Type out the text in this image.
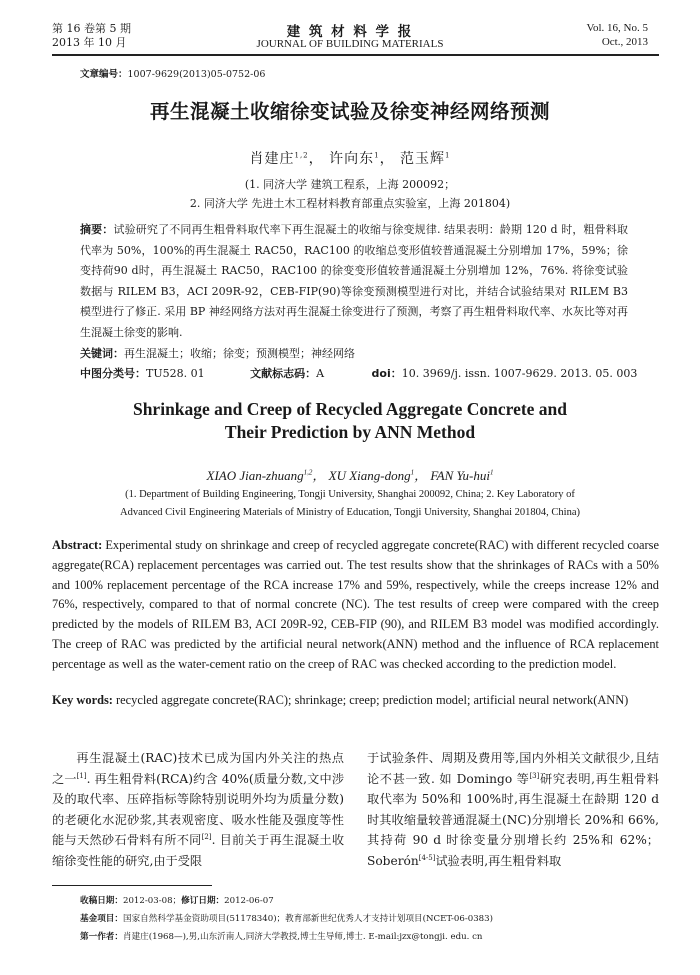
第 16 卷第 5 期
2013 年 10 月
建 筑 材 料 学 报
JOURNAL OF BUILDING MATERIALS
Vol. 16, No. 5
Oct., 2013
文章编号：1007-9629(2013)05-0752-06
再生混凝土收缩徐变试验及徐变神经网络预测
肖建庄$^{1,2}$， 许向东$^1$， 范玉辉$^1$
(1. 同济大学 建筑工程系，上海 200092；
2. 同济大学 先进土木工程材料教育部重点实验室，上海 201804)
摘要：试验研究了不同再生粗骨料取代率下再生混凝土的收缩与徐变规律. 结果表明：龄期 120 d 时，粗骨料取代率为 50%，100%的再生混凝土 RAC50，RAC100 的收缩总变形值较普通混凝土分别增加 17%，59%；徐变持荷90 d时，再生混凝土 RAC50，RAC100 的徐变变形值较普通混凝土分别增加 12%，76%. 将徐变试验数据与 RILEM B3，ACI 209R-92，CEB-FIP(90)等徐变预测模型进行对比，并结合试验结果对 RILEM B3 模型进行了修正. 采用 BP 神经网络方法对再生混凝土徐变进行了预测，考察了再生粗骨料取代率、水灰比等对再生混凝土徐变的影响.
关键词：再生混凝土；收缩；徐变；预测模型；神经网络
中图分类号：TU528. 01	文献标志码：A	doi：10. 3969/j. issn. 1007-9629. 2013. 05. 003
Shrinkage and Creep of Recycled Aggregate Concrete and
Their Prediction by ANN Method
XIAO Jian-zhuang$^{1,2}$， XU Xiang-dong$^1$， FAN Yu-hui$^1$
(1. Department of Building Engineering, Tongji University, Shanghai 200092, China; 2. Key Laboratory of
Advanced Civil Engineering Materials of Ministry of Education, Tongji University, Shanghai 201804, China)
Abstract: Experimental study on shrinkage and creep of recycled aggregate concrete(RAC) with different recycled coarse aggregate(RCA) replacement percentages was carried out. The test results show that the shrinkages of RACs with a 50% and 100% replacement percentage of the RCA increase 17% and 59%, respectively, while the creeps increase 12% and 76%, respectively, compared to that of normal concrete (NC). The test results of creep were compared with the creep predicted by the models of RILEM B3, ACI 209R-92, CEB-FIP (90), and RILEM B3 model was modified accordingly. The creep of RAC was predicted by the artificial neural network(ANN) method and the influence of RCA replacement percentage as well as the water-cement ratio on the creep of RAC was checked according to the prediction model.
Key words: recycled aggregate concrete(RAC); shrinkage; creep; prediction model; artificial neural network(ANN)
再生混凝土(RAC)技术已成为国内外关注的热点之一[1]. 再生粗骨料(RCA)约含 40%(质量分数,文中涉及的取代率、压碎指标等除特别说明外均为质量分数)的老硬化水泥砂浆,其表观密度、吸水性能及强度等性能与天然砂石骨料有所不同[2]. 目前关于再生混凝土收缩徐变性能的研究,由于受限
于试验条件、周期及费用等,国内外相关文献很少,且结论不甚一致. 如 Domingo 等[3]研究表明,再生粗骨料取代率为 50%和 100%时,再生混凝土在龄期 120 d 时其收缩量较普通混凝土(NC)分别增长 20%和 66%,其持荷 90 d 时徐变量分别增长约 25%和 62%；Soberón[4-5]试验表明,再生粗骨料取
收稿日期：2012-03-08；修订日期：2012-06-07
基金项目：国家自然科学基金资助项目(51178340)；教育部新世纪优秀人才支持计划项目(NCET-06-0383)
第一作者：肖建庄(1968—),男,山东沂南人,同济大学教授,博士生导师,博士. E-mail:jzx@tongji. edu. cn
